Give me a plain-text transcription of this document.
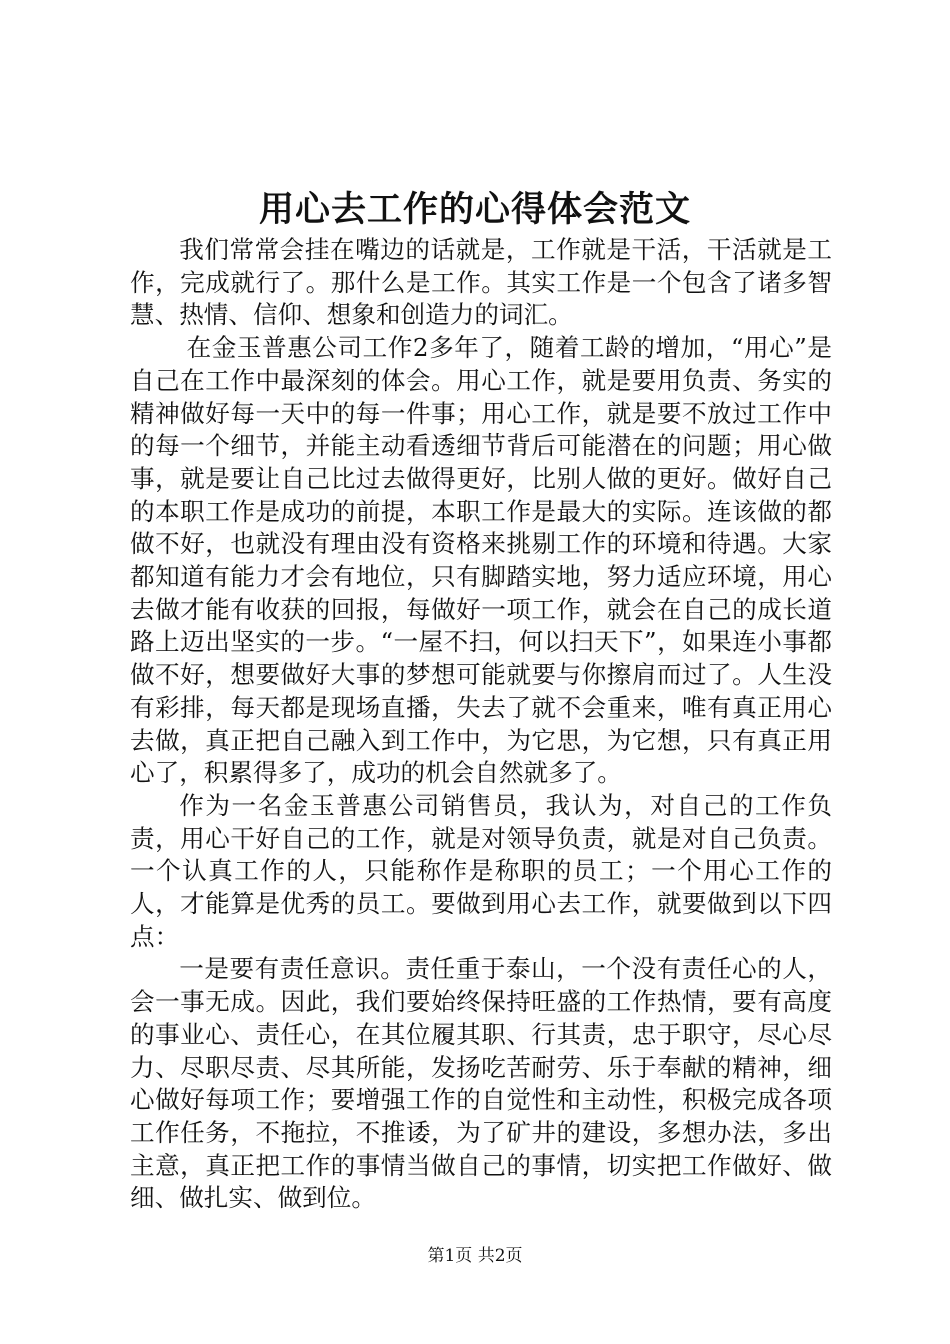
用心去工作的心得体会范文

我们常常会挂在嘴边的话就是，工作就是干活，干活就是工作，完成就行了。那什么是工作。其实工作是一个包含了诸多智慧、热情、信仰、想象和创造力的词汇。

在金玉普惠公司工作2多年了，随着工龄的增加，“用心”是自己在工作中最深刻的体会。用心工作，就是要用负责、务实的精神做好每一天中的每一件事；用心工作，就是要不放过工作中的每一个细节，并能主动看透细节背后可能潜在的问题；用心做事，就是要让自己比过去做得更好，比别人做的更好。做好自己的本职工作是成功的前提，本职工作是最大的实际。连该做的都做不好，也就没有理由没有资格来挑剔工作的环境和待遇。大家都知道有能力才会有地位，只有脚踏实地，努力适应环境，用心去做才能有收获的回报，每做好一项工作，就会在自己的成长道路上迈出坚实的一步。“一屋不扫，何以扫天下”，如果连小事都做不好，想要做好大事的梦想可能就要与你擦肩而过了。人生没有彩排，每天都是现场直播，失去了就不会重来，唯有真正用心去做，真正把自己融入到工作中，为它思，为它想，只有真正用心了，积累得多了，成功的机会自然就多了。

作为一名金玉普惠公司销售员，我认为，对自己的工作负责，用心干好自己的工作，就是对领导负责，就是对自己负责。一个认真工作的人，只能称作是称职的员工；一个用心工作的人，才能算是优秀的员工。要做到用心去工作，就要做到以下四点：

一是要有责任意识。责任重于泰山，一个没有责任心的人，会一事无成。因此，我们要始终保持旺盛的工作热情，要有高度的事业心、责任心，在其位履其职、行其责，忠于职守，尽心尽力、尽职尽责、尽其所能，发扬吃苦耐劳、乐于奉献的精神，细心做好每项工作；要增强工作的自觉性和主动性，积极完成各项工作任务，不拖拉，不推诿，为了矿井的建设，多想办法，多出主意，真正把工作的事情当做自己的事情，切实把工作做好、做细、做扎实、做到位。

第1页 共2页
